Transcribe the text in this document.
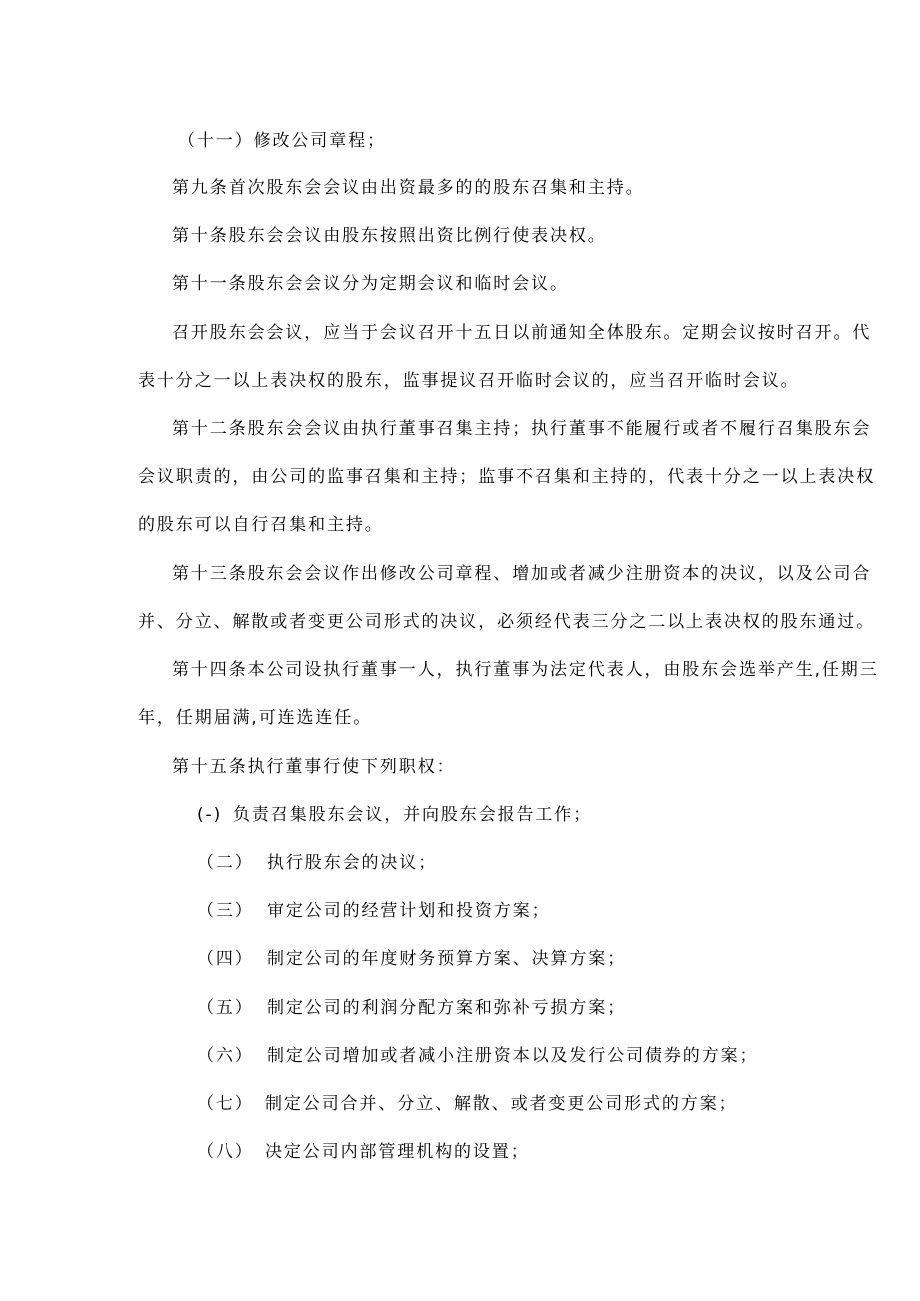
（十一）修改公司章程；
第九条首次股东会会议由出资最多的的股东召集和主持。
第十条股东会会议由股东按照出资比例行使表决权。
第十一条股东会会议分为定期会议和临时会议。
召开股东会会议，应当于会议召开十五日以前通知全体股东。定期会议按时召开。代
表十分之一以上表决权的股东，监事提议召开临时会议的，应当召开临时会议。
第十二条股东会会议由执行董事召集主持；执行董事不能履行或者不履行召集股东会
会议职责的，由公司的监事召集和主持；监事不召集和主持的，代表十分之一以上表决权
的股东可以自行召集和主持。
第十三条股东会会议作出修改公司章程、增加或者减少注册资本的决议，以及公司合
并、分立、解散或者变更公司形式的决议，必须经代表三分之二以上表决权的股东通过。
第十四条本公司设执行董事一人，执行董事为法定代表人，由股东会选举产生,任期三
年，任期届满,可连选连任。
第十五条执行董事行使下列职权：
(-) 负责召集股东会议，并向股东会报告工作；
（二） 执行股东会的决议；
（三） 审定公司的经营计划和投资方案；
（四） 制定公司的年度财务预算方案、决算方案；
（五） 制定公司的利润分配方案和弥补亏损方案；
（六） 制定公司增加或者减小注册资本以及发行公司债券的方案；
（七） 制定公司合并、分立、解散、或者变更公司形式的方案；
（八） 决定公司内部管理机构的设置；
